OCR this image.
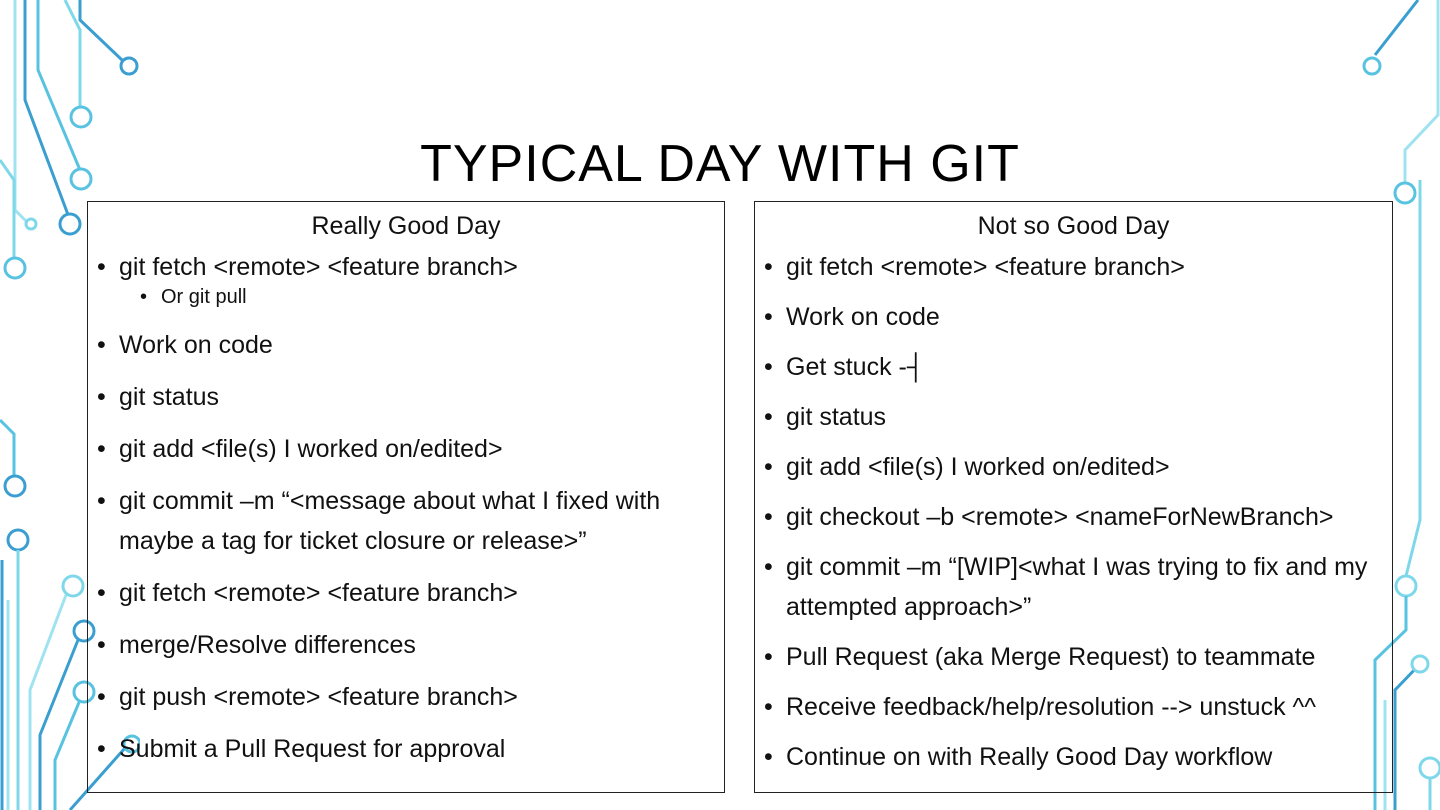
TYPICAL DAY WITH GIT
Really Good Day
• git fetch <remote> <feature branch>
• Or git pull
• Work on code
• git status
• git add <file(s) I worked on/edited>
• git commit –m “<message about what I fixed with maybe a tag for ticket closure or release>”
• git fetch <remote> <feature branch>
• merge/Resolve differences
• git push <remote> <feature branch>
• Submit a Pull Request for approval
Not so Good Day
• git fetch <remote> <feature branch>
• Work on code
• Get stuck -┤
• git status
• git add <file(s) I worked on/edited>
• git checkout –b <remote> <nameForNewBranch>
• git commit –m “[WIP]<what I was trying to fix and my attempted approach>”
• Pull Request (aka Merge Request) to teammate
• Receive feedback/help/resolution --> unstuck ^^
• Continue on with Really Good Day workflow
